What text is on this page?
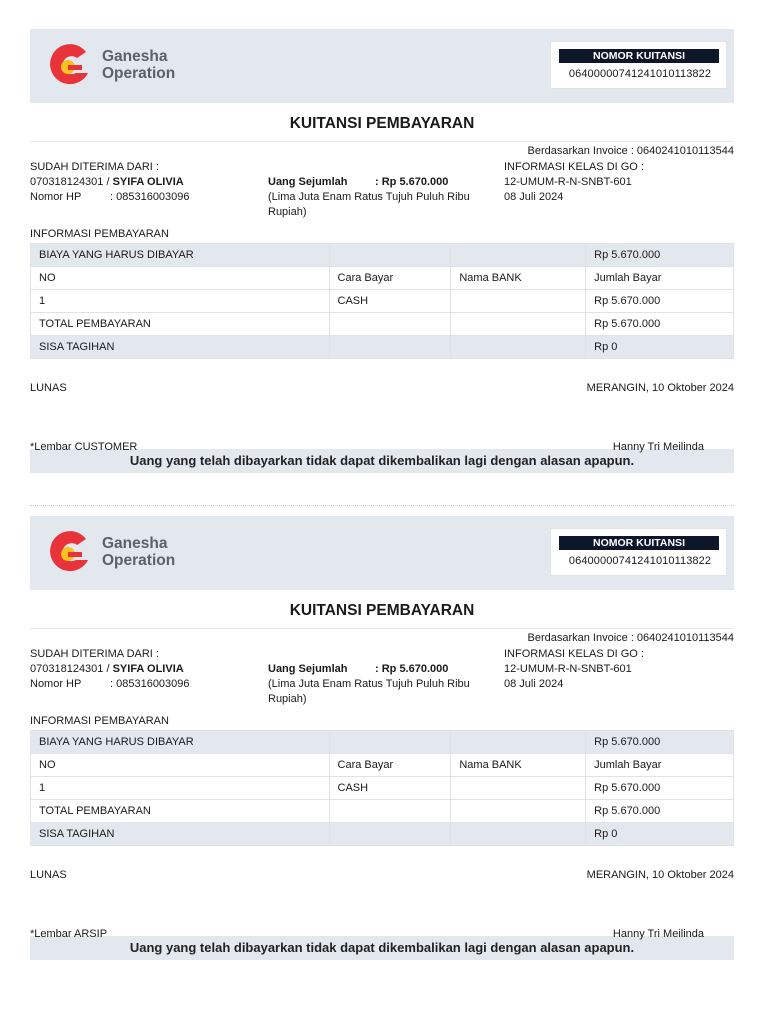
Ganesha
Operation
NOMOR KUITANSI
06400000741241010113822
KUITANSI PEMBAYARAN
Berdasarkan Invoice : 0640241010113544
SUDAH DITERIMA DARI :
070318124301 / SYIFA OLIVIA
Nomor HP	: 085316003096
Uang Sejumlah	: Rp 5.670.000
(Lima Juta Enam Ratus Tujuh Puluh Ribu
Rupiah)
INFORMASI KELAS DI GO :
12-UMUM-R-N-SNBT-601
08 Juli 2024
INFORMASI PEMBAYARAN
BIAYA YANG HARUS DIBAYAR			Rp 5.670.000
NO	Cara Bayar	Nama BANK	Jumlah Bayar
1	CASH		Rp 5.670.000
TOTAL PEMBAYARAN			Rp 5.670.000
SISA TAGIHAN			Rp 0
LUNAS	MERANGIN, 10 Oktober 2024
*Lembar CUSTOMER	Hanny Tri Meilinda
Uang yang telah dibayarkan tidak dapat dikembalikan lagi dengan alasan apapun.
Ganesha
Operation
NOMOR KUITANSI
06400000741241010113822
KUITANSI PEMBAYARAN
Berdasarkan Invoice : 0640241010113544
SUDAH DITERIMA DARI :
070318124301 / SYIFA OLIVIA
Nomor HP	: 085316003096
Uang Sejumlah	: Rp 5.670.000
(Lima Juta Enam Ratus Tujuh Puluh Ribu
Rupiah)
INFORMASI KELAS DI GO :
12-UMUM-R-N-SNBT-601
08 Juli 2024
INFORMASI PEMBAYARAN
BIAYA YANG HARUS DIBAYAR			Rp 5.670.000
NO	Cara Bayar	Nama BANK	Jumlah Bayar
1	CASH		Rp 5.670.000
TOTAL PEMBAYARAN			Rp 5.670.000
SISA TAGIHAN			Rp 0
LUNAS	MERANGIN, 10 Oktober 2024
*Lembar ARSIP	Hanny Tri Meilinda
Uang yang telah dibayarkan tidak dapat dikembalikan lagi dengan alasan apapun.
